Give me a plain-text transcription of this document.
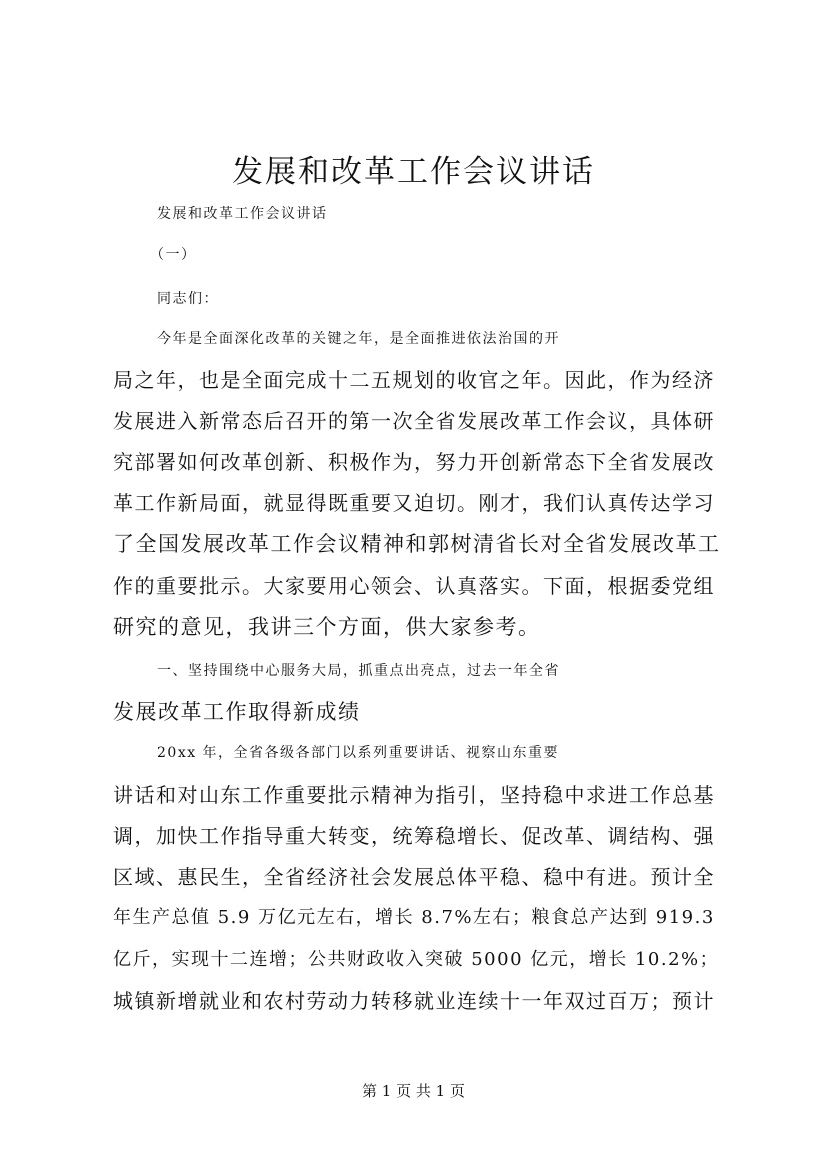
发展和改革工作会议讲话
发展和改革工作会议讲话
（一）
同志们：
今年是全面深化改革的关键之年，是全面推进依法治国的开
局之年，也是全面完成十二五规划的收官之年。因此，作为经济
发展进入新常态后召开的第一次全省发展改革工作会议，具体研
究部署如何改革创新、积极作为，努力开创新常态下全省发展改
革工作新局面，就显得既重要又迫切。刚才，我们认真传达学习
了全国发展改革工作会议精神和郭树清省长对全省发展改革工
作的重要批示。大家要用心领会、认真落实。下面，根据委党组
研究的意见，我讲三个方面，供大家参考。
一、坚持围绕中心服务大局，抓重点出亮点，过去一年全省
发展改革工作取得新成绩
20xx 年，全省各级各部门以系列重要讲话、视察山东重要
讲话和对山东工作重要批示精神为指引，坚持稳中求进工作总基
调，加快工作指导重大转变，统筹稳增长、促改革、调结构、强
区域、惠民生，全省经济社会发展总体平稳、稳中有进。预计全
年生产总值 5.9 万亿元左右，增长 8.7%左右；粮食总产达到 919.3
亿斤，实现十二连增；公共财政收入突破 5000 亿元，增长 10.2%；
城镇新增就业和农村劳动力转移就业连续十一年双过百万；预计
第 1 页 共 1 页
